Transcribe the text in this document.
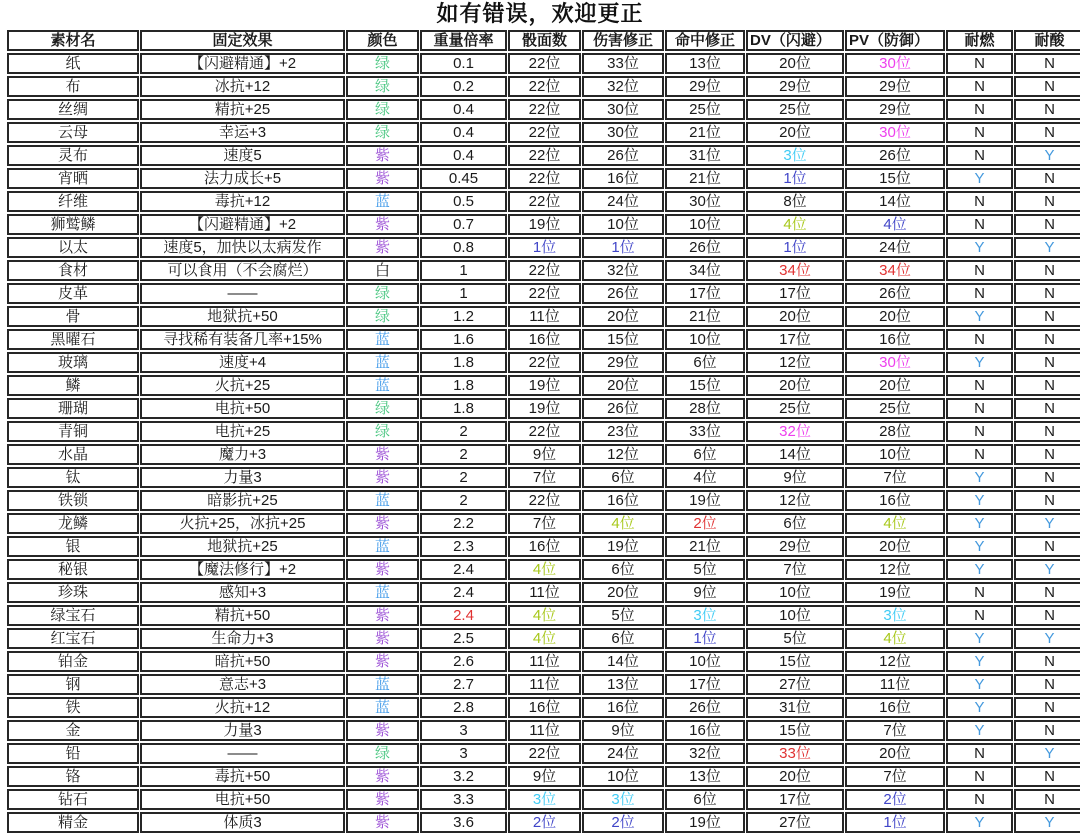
如有错误，欢迎更正
素材名	固定效果	颜色	重量倍率	骰面数	伤害修正	命中修正	DV（闪避）	PV（防御）	耐燃	耐酸
纸	【闪避精通】+2	绿	0.1	22位	33位	13位	20位	30位	N	N
布	冰抗+12	绿	0.2	22位	32位	29位	29位	29位	N	N
丝绸	精抗+25	绿	0.4	22位	30位	25位	25位	29位	N	N
云母	幸运+3	绿	0.4	22位	30位	21位	20位	30位	N	N
灵布	速度5	紫	0.4	22位	26位	31位	3位	26位	N	Y
宵晒	法力成长+5	紫	0.45	22位	16位	21位	1位	15位	Y	N
纤维	毒抗+12	蓝	0.5	22位	24位	30位	8位	14位	N	N
狮鹫鳞	【闪避精通】+2	紫	0.7	19位	10位	10位	4位	4位	N	N
以太	速度5，加快以太病发作	紫	0.8	1位	1位	26位	1位	24位	Y	Y
食材	可以食用（不会腐烂）	白	1	22位	32位	34位	34位	34位	N	N
皮革	——	绿	1	22位	26位	17位	17位	26位	N	N
骨	地狱抗+50	绿	1.2	11位	20位	21位	20位	20位	Y	N
黑曜石	寻找稀有装备几率+15%	蓝	1.6	16位	15位	10位	17位	16位	N	N
玻璃	速度+4	蓝	1.8	22位	29位	6位	12位	30位	Y	N
鳞	火抗+25	蓝	1.8	19位	20位	15位	20位	20位	N	N
珊瑚	电抗+50	绿	1.8	19位	26位	28位	25位	25位	N	N
青铜	电抗+25	绿	2	22位	23位	33位	32位	28位	N	N
水晶	魔力+3	紫	2	9位	12位	6位	14位	10位	N	N
钛	力量3	紫	2	7位	6位	4位	9位	7位	Y	N
铁锁	暗影抗+25	蓝	2	22位	16位	19位	12位	16位	Y	N
龙鳞	火抗+25，冰抗+25	紫	2.2	7位	4位	2位	6位	4位	Y	Y
银	地狱抗+25	蓝	2.3	16位	19位	21位	29位	20位	Y	N
秘银	【魔法修行】+2	紫	2.4	4位	6位	5位	7位	12位	Y	Y
珍珠	感知+3	蓝	2.4	11位	20位	9位	10位	19位	N	N
绿宝石	精抗+50	紫	2.4	4位	5位	3位	10位	3位	N	N
红宝石	生命力+3	紫	2.5	4位	6位	1位	5位	4位	Y	Y
铂金	暗抗+50	紫	2.6	11位	14位	10位	15位	12位	Y	N
钢	意志+3	蓝	2.7	11位	13位	17位	27位	11位	Y	N
铁	火抗+12	蓝	2.8	16位	16位	26位	31位	16位	Y	N
金	力量3	紫	3	11位	9位	16位	15位	7位	Y	N
铅	——	绿	3	22位	24位	32位	33位	20位	N	Y
铬	毒抗+50	紫	3.2	9位	10位	13位	20位	7位	N	N
钻石	电抗+50	紫	3.3	3位	3位	6位	17位	2位	N	N
精金	体质3	紫	3.6	2位	2位	19位	27位	1位	Y	Y
